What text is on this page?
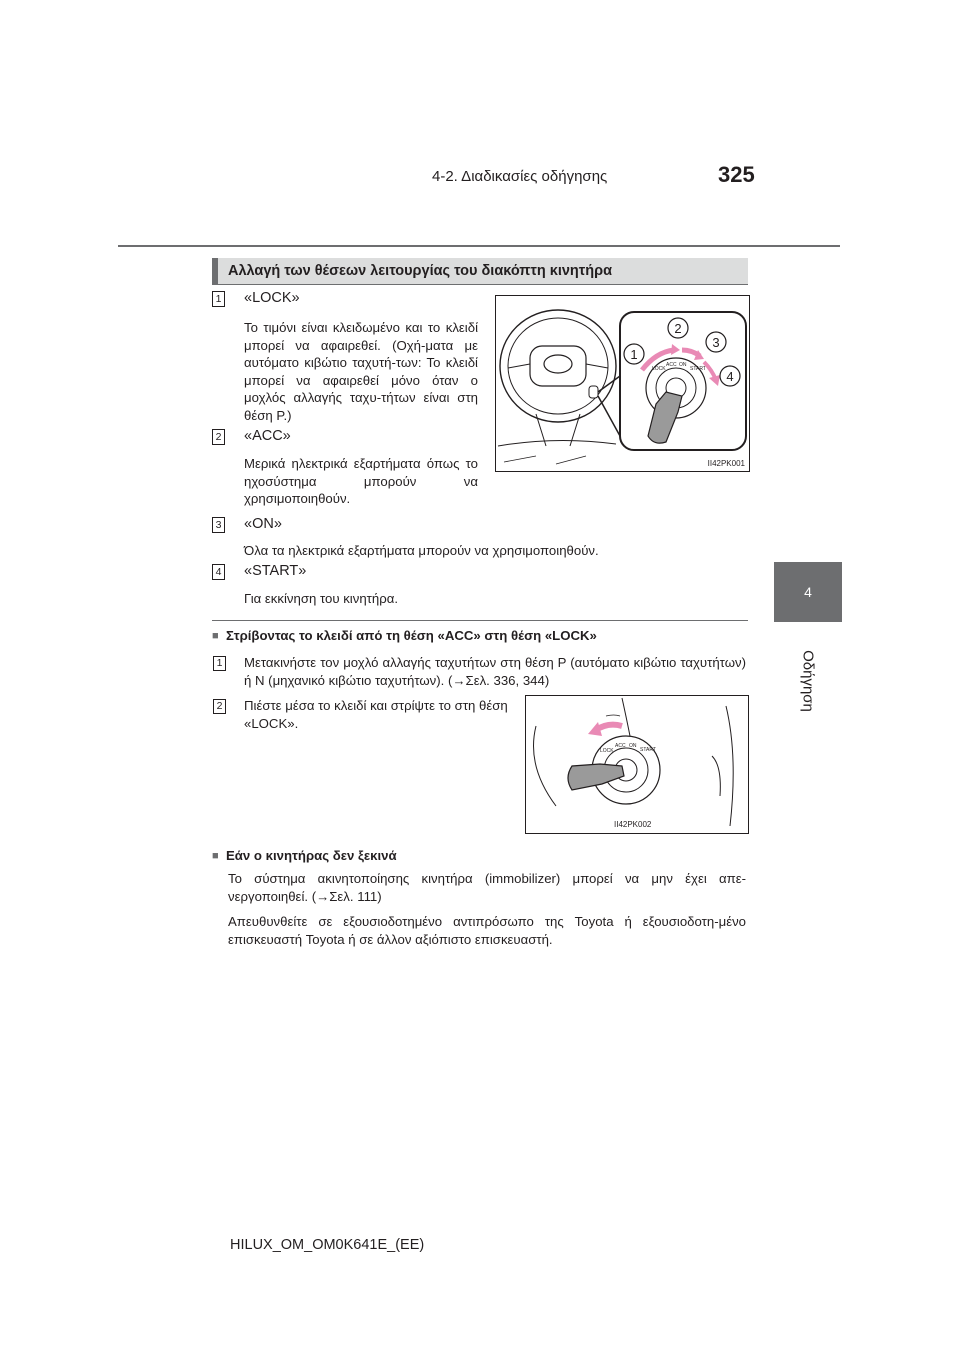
4-2. Διαδικασίες οδήγησης	325
4
Οδήγηση
Αλλαγή των θέσεων λειτουργίας του διακόπτη κινητήρα
1 «LOCK»
Το τιμόνι είναι κλειδωμένο και το κλειδί μπορεί να αφαιρεθεί. (Οχή-ματα με αυτόματο κιβώτιο ταχυτή-των: Το κλειδί μπορεί να αφαιρεθεί μόνο όταν ο μοχλός αλλαγής ταχυ-τήτων είναι στη θέση P.)
2 «ACC»
Μερικά ηλεκτρικά εξαρτήματα όπως το ηχοσύστημα μπορούν να χρησιμοποιηθούν.
3 «ON»
Όλα τα ηλεκτρικά εξαρτήματα μπορούν να χρησιμοποιηθούν.
4 «START»
Για εκκίνηση του κινητήρα.
LOCK
ACC ON
START
1
2
3
4
II42PK001
■ Στρίβοντας το κλειδί από τη θέση «ACC» στη θέση «LOCK»
1 Μετακινήστε τον μοχλό αλλαγής ταχυτήτων στη θέση P (αυτόματο κιβώτιο ταχυτήτων) ή N (μηχανικό κιβώτιο ταχυτήτων). (→Σελ. 336, 344)
2 Πιέστε μέσα το κλειδί και στρίψτε το στη θέση «LOCK».
LOCK
ACC ON
START
II42PK002
■ Εάν ο κινητήρας δεν ξεκινά
Το σύστημα ακινητοποίησης κινητήρα (immobilizer) μπορεί να μην έχει απε-νεργοποιηθεί. (→Σελ. 111)
Απευθυνθείτε σε εξουσιοδοτημένο αντιπρόσωπο της Toyota ή εξουσιοδοτη-μένο επισκευαστή Toyota ή σε άλλον αξιόπιστο επισκευαστή.
HILUX_OM_OM0K641E_(EE)
